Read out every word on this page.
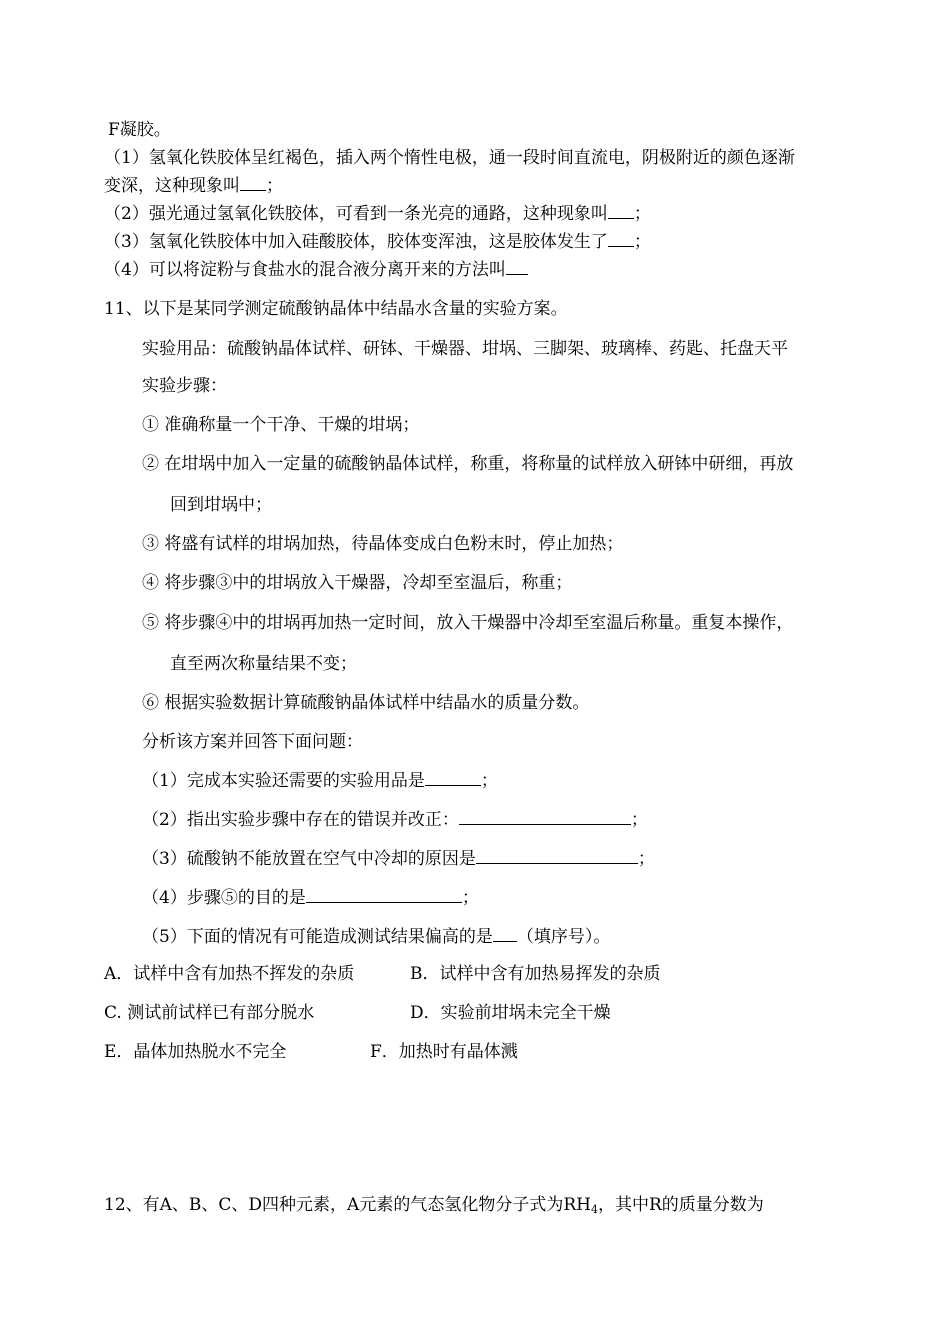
F凝胶。
（1）氢氧化铁胶体呈红褐色，插入两个惰性电极，通一段时间直流电，阴极附近的颜色逐渐
变深，这种现象叫 ；
（2）强光通过氢氧化铁胶体，可看到一条光亮的通路，这种现象叫 ；
（3）氢氧化铁胶体中加入硅酸胶体，胶体变浑浊，这是胶体发生了 ；
（4）可以将淀粉与食盐水的混合液分离开来的方法叫
11、以下是某同学测定硫酸钠晶体中结晶水含量的实验方案。
实验用品：硫酸钠晶体试样、研钵、干燥器、坩埚、三脚架、玻璃棒、药匙、托盘天平
实验步骤：
① 准确称量一个干净、干燥的坩埚；
② 在坩埚中加入一定量的硫酸钠晶体试样，称重，将称量的试样放入研钵中研细，再放
回到坩埚中；
③ 将盛有试样的坩埚加热，待晶体变成白色粉末时，停止加热；
④ 将步骤③中的坩埚放入干燥器，冷却至室温后，称重；
⑤ 将步骤④中的坩埚再加热一定时间，放入干燥器中冷却至室温后称量。重复本操作，
直至两次称量结果不变；
⑥ 根据实验数据计算硫酸钠晶体试样中结晶水的质量分数。
分析该方案并回答下面问题：
（1）完成本实验还需要的实验用品是	；
（2）指出实验步骤中存在的错误并改正：	；
（3）硫酸钠不能放置在空气中冷却的原因是	；
（4）步骤⑤的目的是	；
（5）下面的情况有可能造成测试结果偏高的是 （填序号）。
A．试样中含有加热不挥发的杂质	B．试样中含有加热易挥发的杂质
C. 测试前试样已有部分脱水	D．实验前坩埚未完全干燥
E．晶体加热脱水不完全	F．加热时有晶体溅
12、有A、B、C、D四种元素，A元素的气态氢化物分子式为$RH_4$，其中R的质量分数为
